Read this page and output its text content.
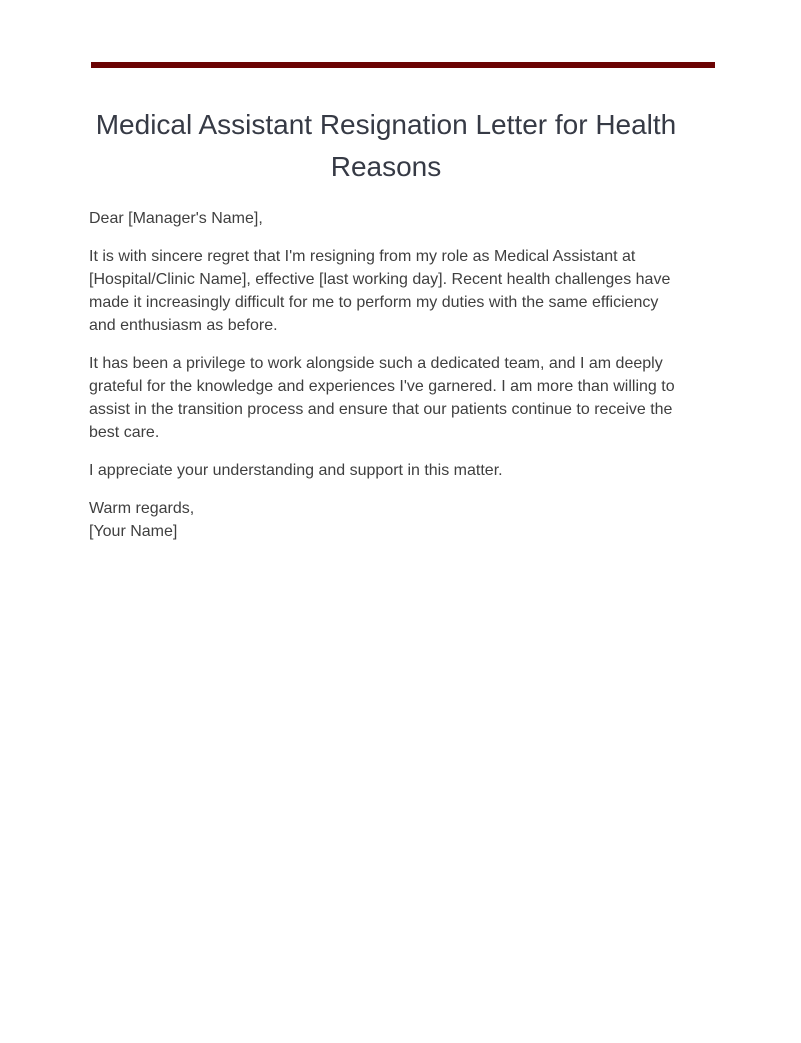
Medical Assistant Resignation Letter for Health Reasons

Dear [Manager's Name],

It is with sincere regret that I'm resigning from my role as Medical Assistant at [Hospital/Clinic Name], effective [last working day]. Recent health challenges have made it increasingly difficult for me to perform my duties with the same efficiency and enthusiasm as before.

It has been a privilege to work alongside such a dedicated team, and I am deeply grateful for the knowledge and experiences I've garnered. I am more than willing to assist in the transition process and ensure that our patients continue to receive the best care.

I appreciate your understanding and support in this matter.

Warm regards,
[Your Name]
